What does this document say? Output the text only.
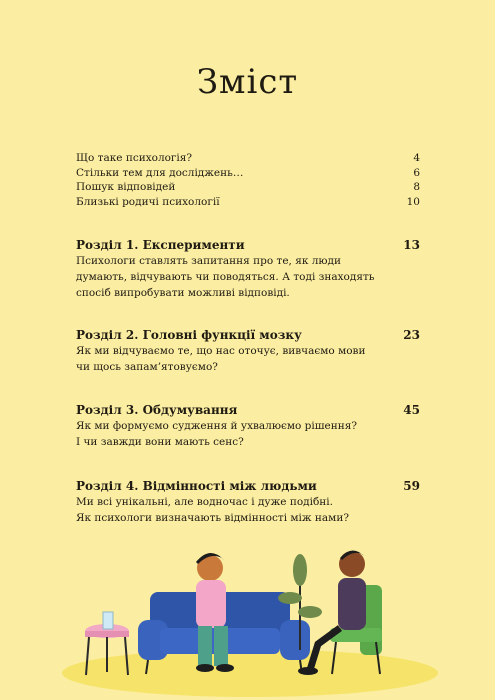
Зміст
Що таке психологія?	4
Стільки тем для досліджень…	6
Пошук відповідей	8
Близькі родичі психології	10
Розділ 1. Експерименти	13
Психологи ставлять запитання про те, як люди
думають, відчувають чи поводяться. А тоді знаходять
спосіб випробувати можливі відповіді.
Розділ 2. Головні функції мозку	23
Як ми відчуваємо те, що нас оточує, вивчаємо мови
чи щось запам’ятовуємо?
Розділ 3. Обдумування	45
Як ми формуємо судження й ухвалюємо рішення?
І чи завжди вони мають сенс?
Розділ 4. Відмінності між людьми	59
Ми всі унікальні, але водночас і дуже подібні.
Як психологи визначають відмінності між нами?
